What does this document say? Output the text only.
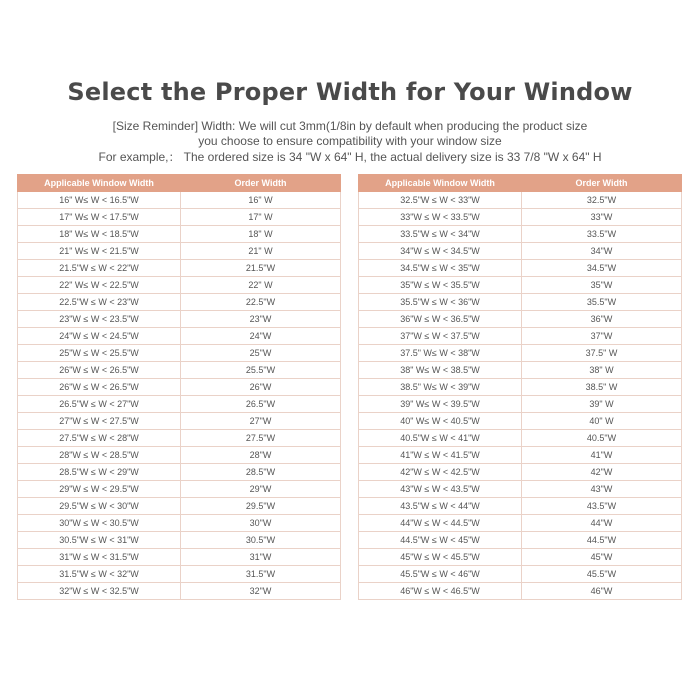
Select the Proper Width for Your Window

[Size Reminder] Width: We will cut 3mm(1/8in by default when producing the product size

you choose to ensure compatibility with your window size

For example,： The ordered size is 34 "W x 64" H, the actual delivery size is 33 7/8 "W x 64" H

Applicable Window Width	Order Width
16" W≤ W < 16.5"W	16" W
17" W≤ W < 17.5"W	17" W
18" W≤ W < 18.5"W	18" W
21" W≤ W < 21.5"W	21" W
21.5"W ≤ W < 22"W	21.5"W
22" W≤ W < 22.5"W	22" W
22.5"W ≤ W < 23"W	22.5"W
23"W ≤ W < 23.5"W	23"W
24"W ≤ W < 24.5"W	24"W
25"W ≤ W < 25.5"W	25"W
26"W ≤ W < 26.5"W	25.5"W
26"W ≤ W < 26.5"W	26"W
26.5"W ≤ W < 27"W	26.5"W
27"W ≤ W < 27.5"W	27"W
27.5"W ≤ W < 28"W	27.5"W
28"W ≤ W < 28.5"W	28"W
28.5"W ≤ W < 29"W	28.5"W
29"W ≤ W < 29.5"W	29"W
29.5"W ≤ W < 30"W	29.5"W
30"W ≤ W < 30.5"W	30"W
30.5"W ≤ W < 31"W	30.5"W
31"W ≤ W < 31.5"W	31"W
31.5"W ≤ W < 32"W	31.5"W
32"W ≤ W < 32.5"W	32"W
Applicable Window Width	Order Width
32.5"W ≤ W < 33"W	32.5"W
33"W ≤ W < 33.5"W	33"W
33.5"W ≤ W < 34"W	33.5"W
34"W ≤ W < 34.5"W	34"W
34.5"W ≤ W < 35"W	34.5"W
35"W ≤ W < 35.5"W	35"W
35.5"W ≤ W < 36"W	35.5"W
36"W ≤ W < 36.5"W	36"W
37"W ≤ W < 37.5"W	37"W
37.5" W≤ W < 38"W	37.5" W
38" W≤ W < 38.5"W	38" W
38.5" W≤ W < 39"W	38.5" W
39" W≤ W < 39.5"W	39" W
40" W≤ W < 40.5"W	40" W
40.5"W ≤ W < 41"W	40.5"W
41"W ≤ W < 41.5"W	41"W
42"W ≤ W < 42.5"W	42"W
43"W ≤ W < 43.5"W	43"W
43.5"W ≤ W < 44"W	43.5"W
44"W ≤ W < 44.5"W	44"W
44.5"W ≤ W < 45"W	44.5"W
45"W ≤ W < 45.5"W	45"W
45.5"W ≤ W < 46"W	45.5"W
46"W ≤ W < 46.5"W	46"W
